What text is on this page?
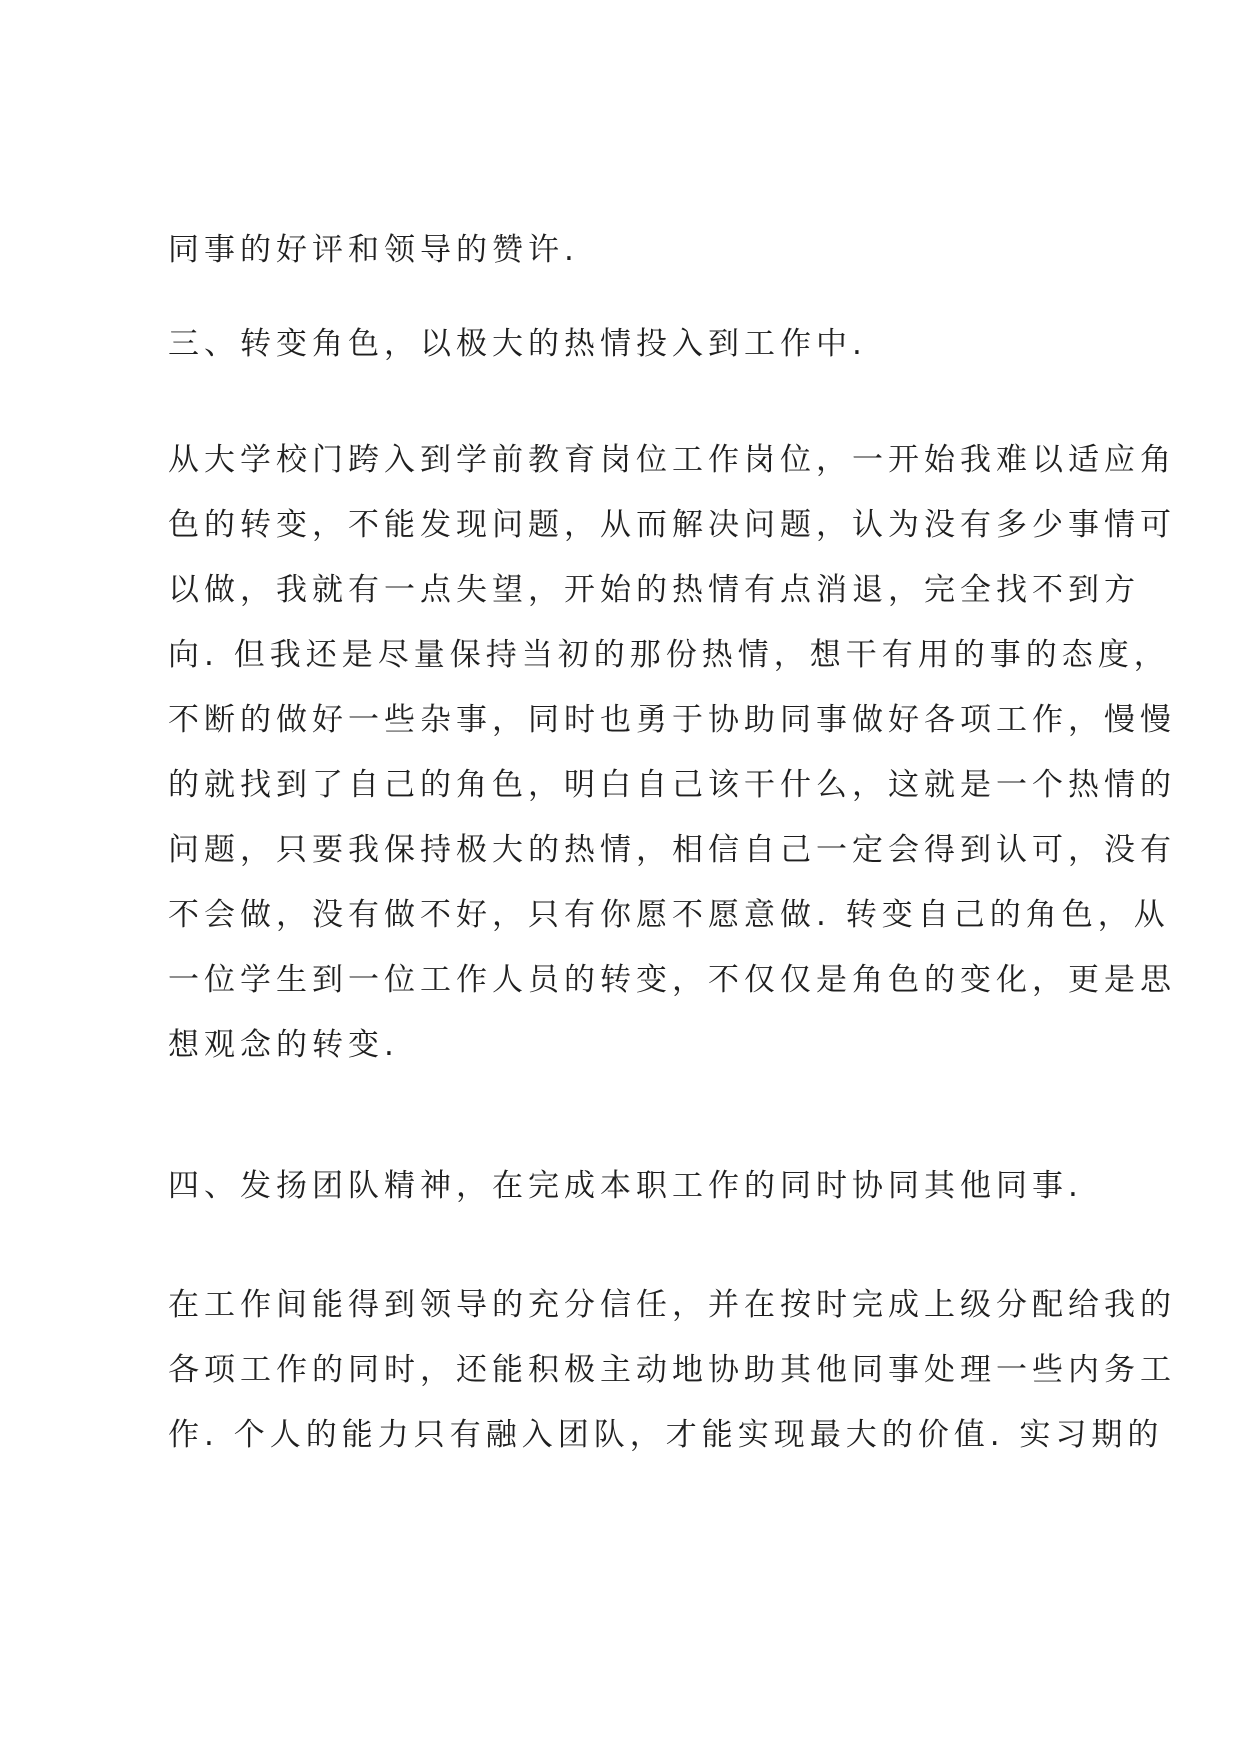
同事的好评和领导的赞许.
三、转变角色，以极大的热情投入到工作中.
从大学校门跨入到学前教育岗位工作岗位，一开始我难以适应角
色的转变，不能发现问题，从而解决问题，认为没有多少事情可
以做，我就有一点失望，开始的热情有点消退，完全找不到方
向. 但我还是尽量保持当初的那份热情，想干有用的事的态度，
不断的做好一些杂事，同时也勇于协助同事做好各项工作，慢慢
的就找到了自己的角色，明白自己该干什么，这就是一个热情的
问题，只要我保持极大的热情，相信自己一定会得到认可，没有
不会做，没有做不好，只有你愿不愿意做. 转变自己的角色，从
一位学生到一位工作人员的转变，不仅仅是角色的变化，更是思
想观念的转变.
四、发扬团队精神，在完成本职工作的同时协同其他同事.
在工作间能得到领导的充分信任，并在按时完成上级分配给我的
各项工作的同时，还能积极主动地协助其他同事处理一些内务工
作. 个人的能力只有融入团队，才能实现最大的价值. 实习期的
